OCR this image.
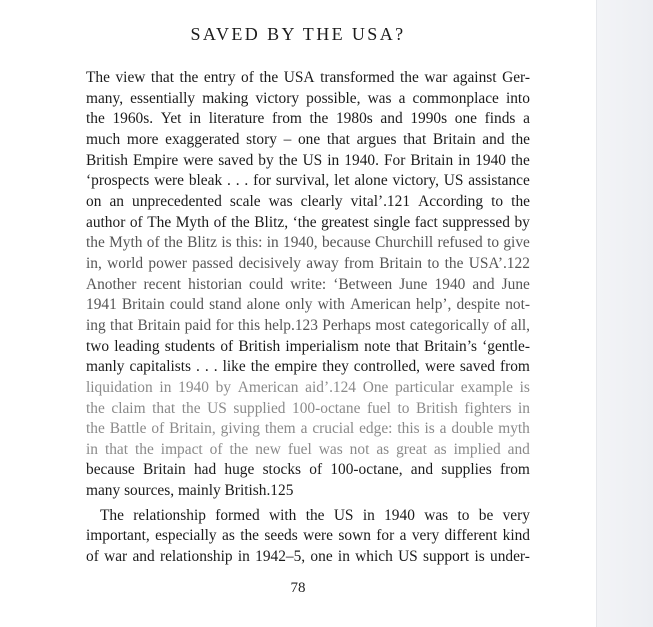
SAVED BY THE USA?
The view that the entry of the USA transformed the war against Ger-
many, essentially making victory possible, was a commonplace into
the 1960s. Yet in literature from the 1980s and 1990s one finds a
much more exaggerated story – one that argues that Britain and the
British Empire were saved by the US in 1940. For Britain in 1940 the
‘prospects were bleak . . . for survival, let alone victory, US assistance
on an unprecedented scale was clearly vital’.121 According to the
author of The Myth of the Blitz, ‘the greatest single fact suppressed by
the Myth of the Blitz is this: in 1940, because Churchill refused to give
in, world power passed decisively away from Britain to the USA’.122
Another recent historian could write: ‘Between June 1940 and June
1941 Britain could stand alone only with American help’, despite not-
ing that Britain paid for this help.123 Perhaps most categorically of all,
two leading students of British imperialism note that Britain’s ‘gentle-
manly capitalists . . . like the empire they controlled, were saved from
liquidation in 1940 by American aid’.124 One particular example is
the claim that the US supplied 100-octane fuel to British fighters in
the Battle of Britain, giving them a crucial edge: this is a double myth
in that the impact of the new fuel was not as great as implied and
because Britain had huge stocks of 100-octane, and supplies from
many
sources,
mainly
British.125
The relationship formed with the US in 1940 was to be very
important, especially as the seeds were sown for a very different kind
of war and relationship in 1942–5, one in which US support is under-
78
